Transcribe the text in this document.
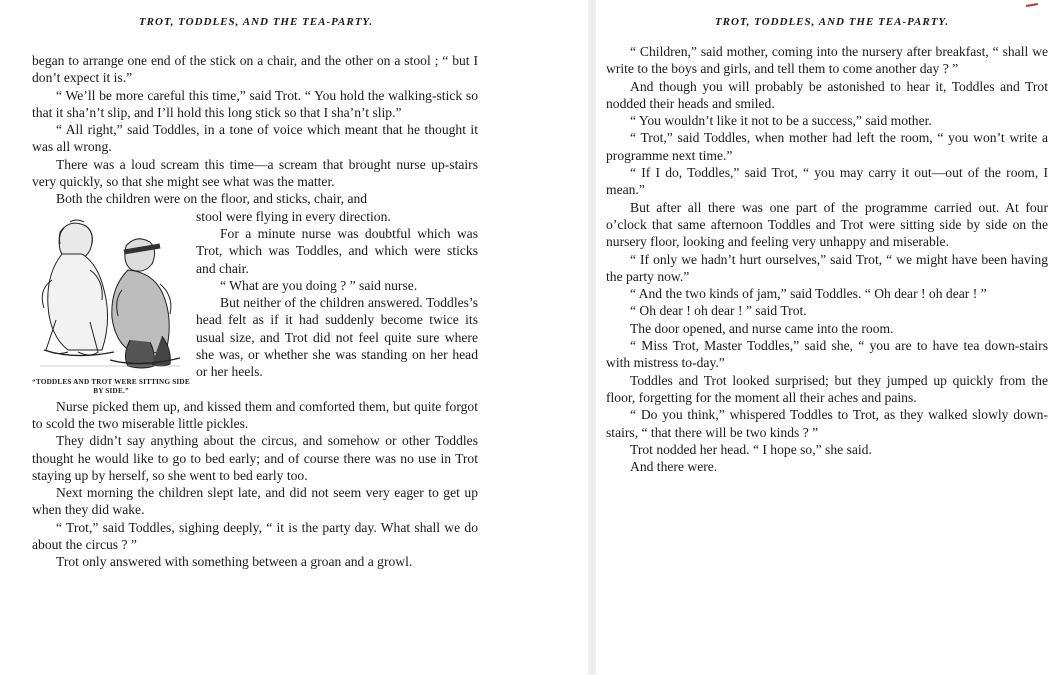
TROT, TODDLES, AND THE TEA-PARTY.

began to arrange one end of the stick on a chair, and the other on a stool ; “ but I don’t expect it is.”

“ We’ll be more careful this time,” said Trot. “ You hold the walking-stick so that it sha’n’t slip, and I’ll hold this long stick so that I sha’n’t slip.”

“ All right,” said Toddles, in a tone of voice which meant that he thought it was all wrong.

There was a loud scream this time—a scream that brought nurse up-stairs very quickly, so that she might see what was the matter.

Both the children were on the floor, and sticks, chair, and

“TODDLES AND TROT WERE SITTING SIDE BY SIDE.”

stool were flying in every direction.

For a minute nurse was doubtful which was Trot, which was Toddles, and which were sticks and chair.

“ What are you doing ? ” said nurse.

But neither of the children answered. Toddles’s head felt as if it had suddenly become twice its usual size, and Trot did not feel quite sure where she was, or whether she was standing on her head or her heels.

Nurse picked them up, and kissed them and comforted them, but quite forgot to scold the two miserable little pickles.

They didn’t say anything about the circus, and somehow or other Toddles thought he would like to go to bed early; and of course there was no use in Trot staying up by herself, so she went to bed early too.

Next morning the children slept late, and did not seem very eager to get up when they did wake.

“ Trot,” said Toddles, sighing deeply, “ it is the party day. What shall we do about the circus ? ”

Trot only answered with something between a groan and a growl.

TROT, TODDLES, AND THE TEA-PARTY.

“ Children,” said mother, coming into the nursery after breakfast, “ shall we write to the boys and girls, and tell them to come another day ? ”

And though you will probably be astonished to hear it, Toddles and Trot nodded their heads and smiled.

“ You wouldn’t like it not to be a success,” said mother.

“ Trot,” said Toddles, when mother had left the room, “ you won’t write a programme next time.”

“ If I do, Toddles,” said Trot, “ you may carry it out—out of the room, I mean.”

But after all there was one part of the programme carried out. At four o’clock that same afternoon Toddles and Trot were sitting side by side on the nursery floor, looking and feeling very unhappy and miserable.

“ If only we hadn’t hurt ourselves,” said Trot, “ we might have been having the party now.”

“ And the two kinds of jam,” said Toddles. “ Oh dear ! oh dear ! ”

“ Oh dear ! oh dear ! ” said Trot.

The door opened, and nurse came into the room.

“ Miss Trot, Master Toddles,” said she, “ you are to have tea down-stairs with mistress to-day.”

Toddles and Trot looked surprised; but they jumped up quickly from the floor, forgetting for the moment all their aches and pains.

“ Do you think,” whispered Toddles to Trot, as they walked slowly down-stairs, “ that there will be two kinds ? ”

Trot nodded her head. “ I hope so,” she said.

And there were.
